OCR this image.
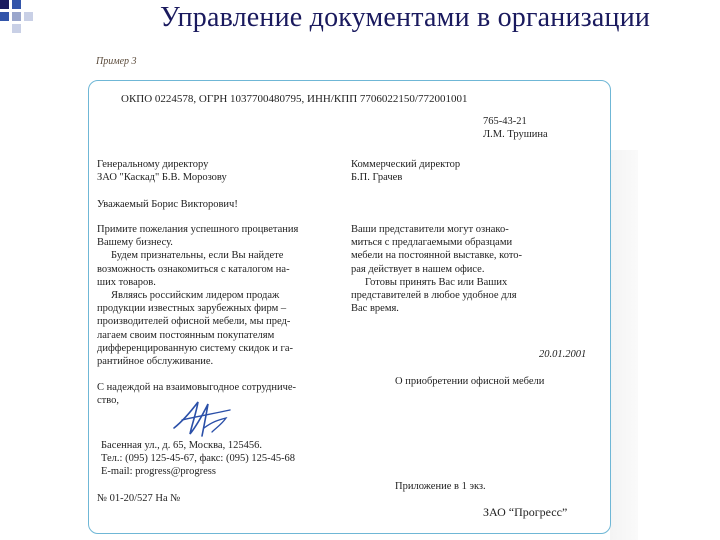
Управление документами в организации
Пример 3
ОКПО 0224578, ОГРН 1037700480795, ИНН/КПП 7706022150/772001001
765-43-21
Л.М. Трушина
Генеральному директору
ЗАО "Каскад" Б.В. Морозову
Коммерческий директор
Б.П. Грачев
Уважаемый Борис Викторович!

Примите пожелания успешного процветания

Вашему бизнесу.

Будем признательны, если Вы найдете

возможность ознакомиться с каталогом на-

ших товаров.

Являясь российским лидером продаж

продукции известных зарубежных фирм –

производителей офисной мебели, мы пред-

лагаем своим постоянным покупателям

дифференцированную систему скидок и га-

рантийное обслуживание.

Ваши представители могут ознако-

миться с предлагаемыми образцами

мебели на постоянной выставке, кото-

рая действует в нашем офисе.

Готовы принять Вас или Ваших

представителей в любое удобное для

Вас время.

20.01.2001
О приобретении офисной мебели
С надеждой на взаимовыгодное сотрудниче-
ство,
Басенная ул., д. 65, Москва, 125456.
Тел.: (095) 125-45-67, факс: (095) 125-45-68
E-mail: progress@progress
Приложение в 1 экз.
№ 01-20/527 На №
ЗАО “Прогресс”
